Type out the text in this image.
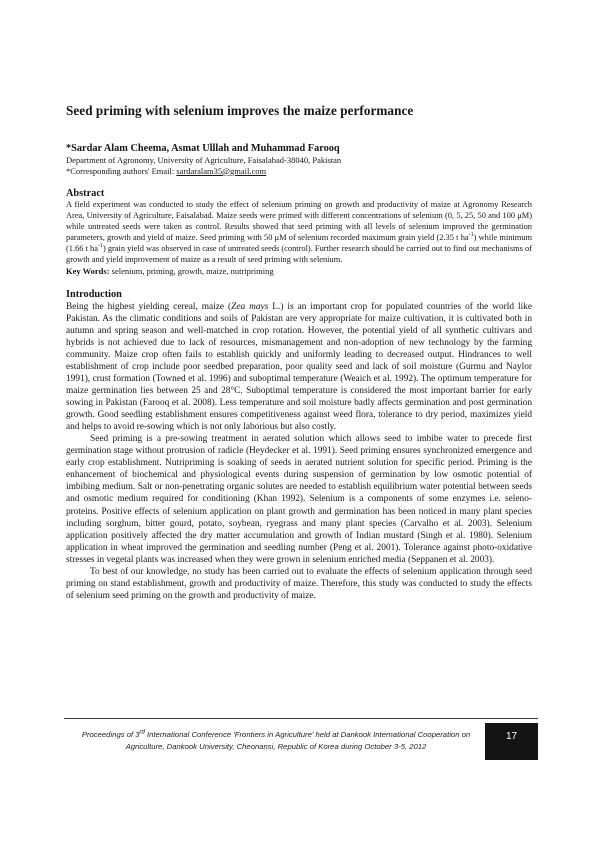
Seed priming with selenium improves the maize performance
*Sardar Alam Cheema, Asmat Ulllah and Muhammad Farooq
Department of Agronomy, University of Agriculture, Faisalabad-38040, Pakistan
*Corresponding authors' Email: sardaralam35@gmail.com
Abstract

A field experiment was conducted to study the effect of selenium priming on growth and productivity of maize at Agronomy Research Area, University of Agriculture, Faisalabad. Maize seeds were primed with different concentrations of selenium (0, 5, 25, 50 and 100 μM) while untreated seeds were taken as control. Results showed that seed priming with all levels of selenium improved the germination parameters, growth and yield of maize. Seed priming with 50 μM of selenium recorded maximum grain yield (2.35 t $ha^{-1}$) while minimum (1.66 t $ha^{-1}$) grain yield was observed in case of untreated seeds (control). Further research should be carried out to find out mechanisms of growth and yield improvement of maize as a result of seed priming with selenium.

Key Words: selenium, priming, growth, maize, nutripriming
Introduction

Being the highest yielding cereal, maize (Zea mays L.) is an important crop for populated countries of the world like Pakistan. As the climatic conditions and soils of Pakistan are very appropriate for maize cultivation, it is cultivated both in autumn and spring season and well-matched in crop rotation. However, the potential yield of all synthetic cultivars and hybrids is not achieved due to lack of resources, mismanagement and non-adoption of new technology by the farming community. Maize crop often fails to establish quickly and uniformly leading to decreased output. Hindrances to well establishment of crop include poor seedbed preparation, poor quality seed and lack of soil moisture (Gurmu and Naylor 1991), crust formation (Towned et al. 1996) and suboptimal temperature (Weaich et al. 1992). The optimum temperature for maize germination lies between 25 and 28°C. Suboptimal temperature is considered the most important barrier for early sowing in Pakistan (Farooq et al. 2008). Less temperature and soil moisture badly affects germination and post germination growth. Good seedling establishment ensures competitiveness against weed flora, tolerance to dry period, maximizes yield and helps to avoid re-sowing which is not only laborious but also costly.

Seed priming is a pre-sowing treatment in aerated solution which allows seed to imbibe water to precede first germination stage without protrusion of radicle (Heydecker et al. 1991). Seed priming ensures synchronized emergence and early crop establishment. Nutripriming is soaking of seeds in aerated nutrient solution for specific period. Priming is the enhancement of biochemical and physiological events during suspension of germination by low osmotic potential of imbibing medium. Salt or non-penetrating organic solutes are needed to establish equilibrium water potential between seeds and osmotic medium required for conditioning (Khan 1992). Selenium is a components of some enzymes i.e. seleno-proteins. Positive effects of selenium application on plant growth and germination has been noticed in many plant species including sorghum, bitter gourd, potato, soybean, ryegrass and many plant species (Carvalho et al. 2003). Selenium application positively affected the dry matter accumulation and growth of Indian mustard (Singh et al. 1980). Selenium application in wheat improved the germination and seedling number (Peng et al. 2001). Tolerance against photo-oxidative stresses in vegetal plants was increased when they were grown in selenium enriched media (Seppanen et al. 2003).

To best of our knowledge, no study has been carried out to evaluate the effects of selenium application through seed priming on stand establishment, growth and productivity of maize. Therefore, this study was conducted to study the effects of selenium seed priming on the growth and productivity of maize.

Proceedings of 3rd International Conference 'Frontiers in Agriculture' held at Dankook International Cooperation on
Agriculture, Dankook University, Cheonansi, Republic of Korea during October 3-5, 2012
17
